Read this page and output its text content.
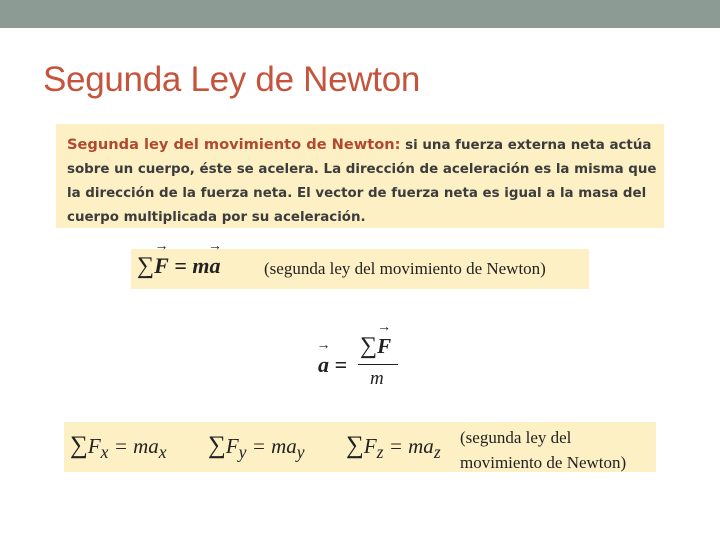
Segunda Ley de Newton
Segunda ley del movimiento de Newton: si una fuerza externa neta actúa sobre un cuerpo, éste se acelera. La dirección de aceleración es la misma que la dirección de la fuerza neta. El vector de fuerza neta es igual a la masa del cuerpo multiplicada por su aceleración.
∑→ F = m→ a	(segunda ley del movimiento de Newton)
→ a =
∑→ F
m
$\sum F_x = ma_x$ $\sum F_y = ma_y$ $\sum F_z = ma_z$
(segunda ley del
movimiento de Newton)
